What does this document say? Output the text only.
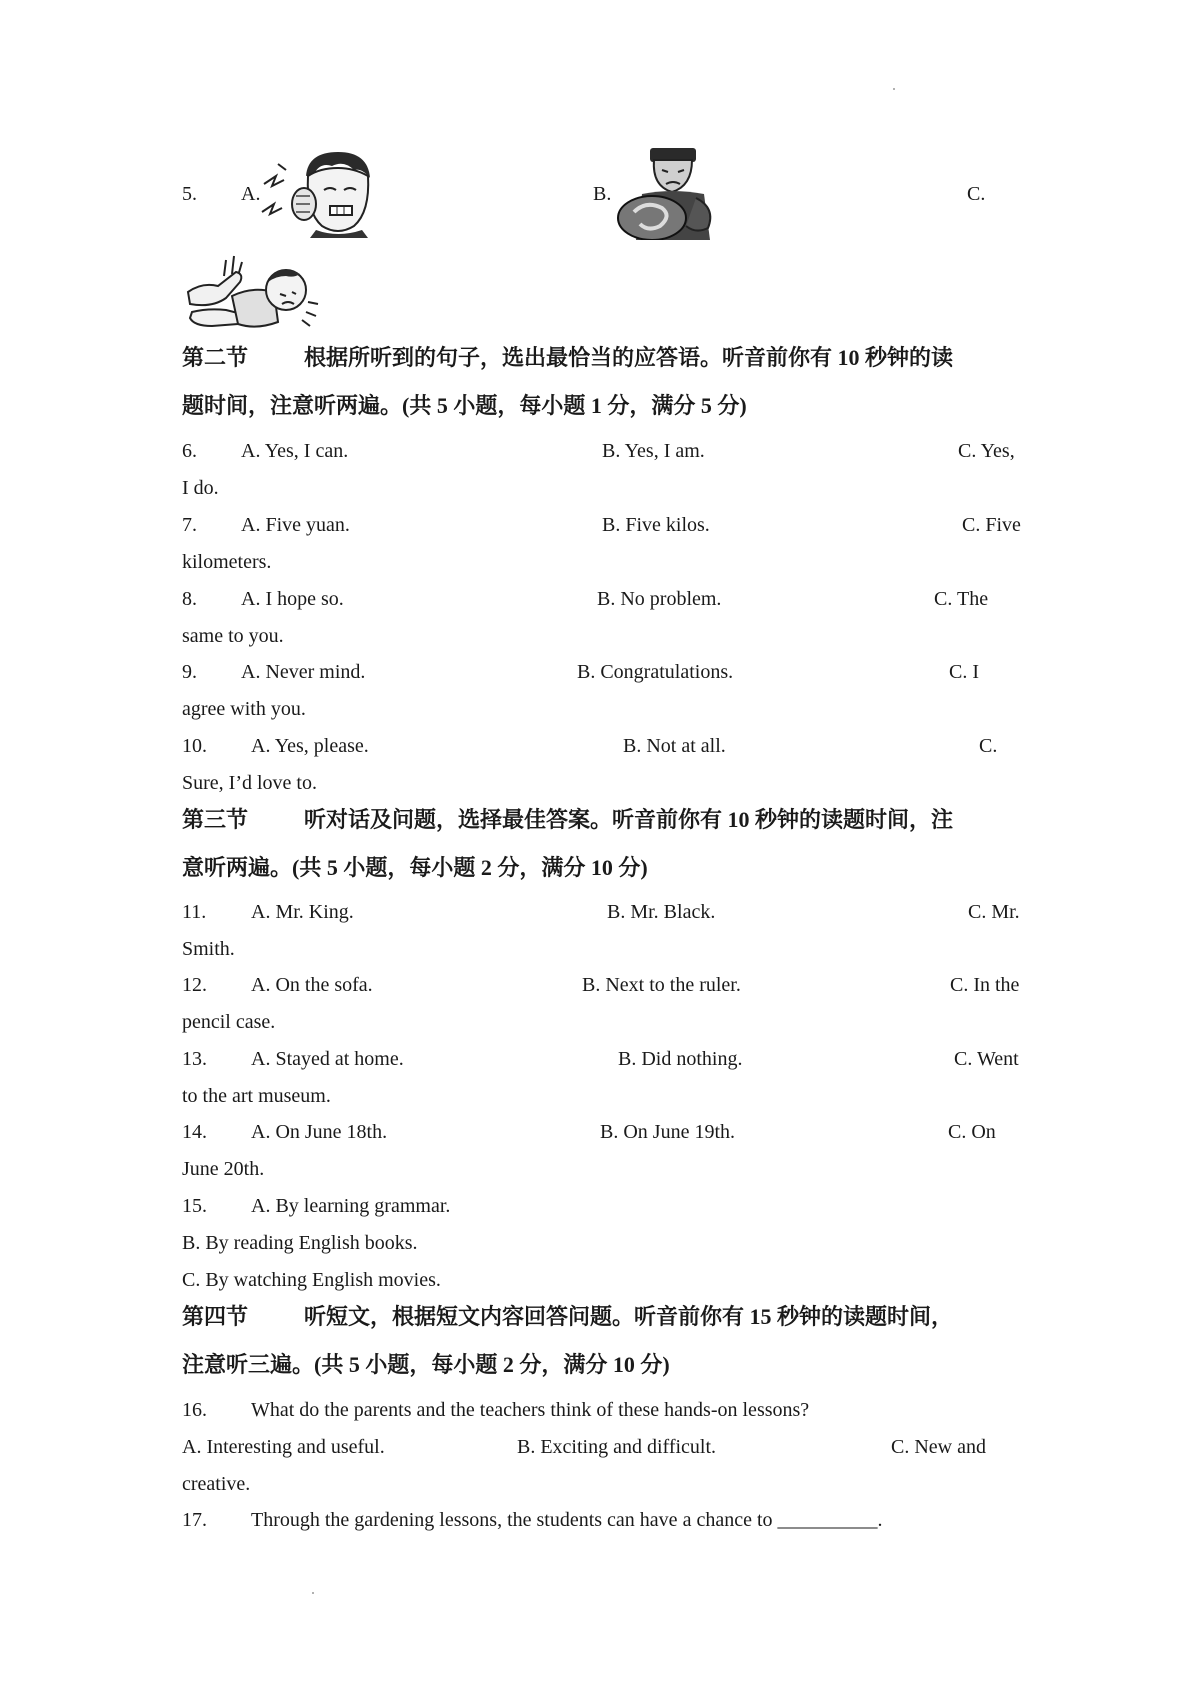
5. A.	B.	C.
第二节	根据所听到的句子，选出最恰当的应答语。听音前你有 10 秒钟的读
题时间，注意听两遍。(共 5 小题，每小题 1 分，满分 5 分)
6. A. Yes, I can.	B. Yes, I am.	C. Yes,
I do.
7. A. Five yuan.	B. Five kilos.	C. Five
kilometers.
8. A. I hope so.	B. No problem.	C. The
same to you.
9. A. Never mind.	B. Congratulations.	C. I
agree with you.
10. A. Yes, please.	B. Not at all.	C.
Sure, I’d love to.
第三节	听对话及问题，选择最佳答案。听音前你有 10 秒钟的读题时间，注
意听两遍。(共 5 小题，每小题 2 分，满分 10 分)
11. A. Mr. King.	B. Mr. Black.	C. Mr.
Smith.
12. A. On the sofa.	B. Next to the ruler.	C. In the
pencil case.
13. A. Stayed at home.	B. Did nothing.	C. Went
to the art museum.
14. A. On June 18th.	B. On June 19th.	C. On
June 20th.
15. A. By learning grammar.
B. By reading English books.
C. By watching English movies.
第四节	听短文，根据短文内容回答问题。听音前你有 15 秒钟的读题时间，
注意听三遍。(共 5 小题，每小题 2 分，满分 10 分)
16. What do the parents and the teachers think of these hands-on lessons?
A. Interesting and useful.	B. Exciting and difficult.	C. New and
creative.
17. Through the gardening lessons, the students can have a chance to __________.
